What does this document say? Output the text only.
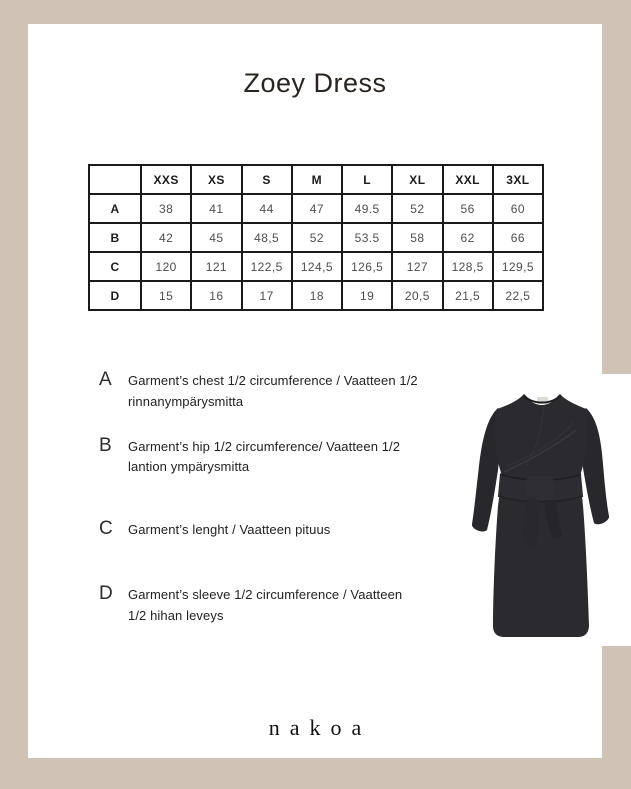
Zoey Dress
	XXS	XS	S	M	L	XL	XXL	3XL
A	38	41	44	47	49.5	52	56	60
B	42	45	48,5	52	53.5	58	62	66
C	120	121	122,5	124,5	126,5	127	128,5	129,5
D	15	16	17	18	19	20,5	21,5	22,5
A	Garment’s chest 1/2 circumference / Vaatteen 1/2 rinnanympärysmitta
B	Garment’s hip 1/2 circumference/ Vaatteen 1/2 lantion ympärysmitta
C	Garment’s lenght / Vaatteen pituus
D	Garment’s sleeve 1/2 circumference / Vaatteen 1/2 hihan leveys
nakoa
